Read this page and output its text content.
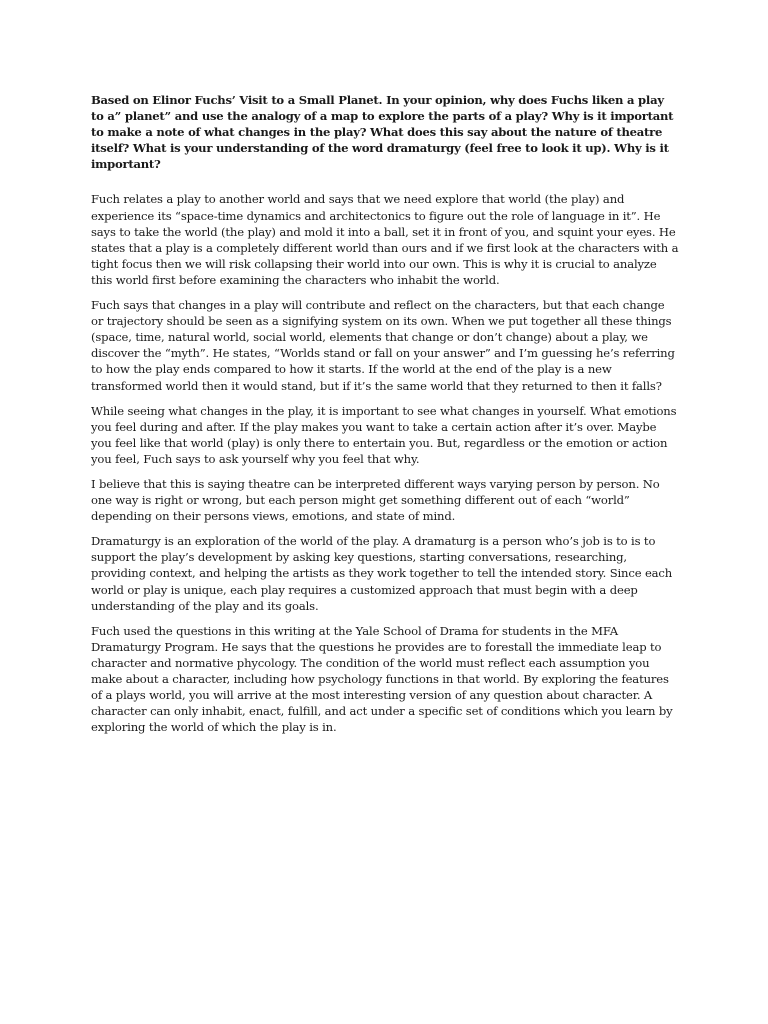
Based on Elinor Fuchs’ Visit to a Small Planet. In your opinion, why does Fuchs liken a play to a” planet” and use the analogy of a map to explore the parts of a play? Why is it important to make a note of what changes in the play? What does this say about the nature of theatre itself? What is your understanding of the word dramaturgy (feel free to look it up). Why is it important?

Fuch relates a play to another world and says that we need explore that world (the play) and experience its “space-time dynamics and architectonics to figure out the role of language in it”. He says to take the world (the play) and mold it into a ball, set it in front of you, and squint your eyes. He states that a play is a completely different world than ours and if we first look at the characters with a tight focus then we will risk collapsing their world into our own. This is why it is crucial to analyze this world first before examining the characters who inhabit the world.

Fuch says that changes in a play will contribute and reflect on the characters, but that each change or trajectory should be seen as a signifying system on its own. When we put together all these things (space, time, natural world, social world, elements that change or don’t change) about a play, we discover the “myth”. He states, “Worlds stand or fall on your answer” and I’m guessing he’s referring to how the play ends compared to how it starts. If the world at the end of the play is a new transformed world then it would stand, but if it’s the same world that they returned to then it falls?

While seeing what changes in the play, it is important to see what changes in yourself. What emotions you feel during and after. If the play makes you want to take a certain action after it’s over. Maybe you feel like that world (play) is only there to entertain you. But, regardless or the emotion or action you feel, Fuch says to ask yourself why you feel that why.

I believe that this is saying theatre can be interpreted different ways varying person by person. No one way is right or wrong, but each person might get something different out of each “world” depending on their persons views, emotions, and state of mind.

Dramaturgy is an exploration of the world of the play. A dramaturg is a person who’s job is to is to support the play’s development by asking key questions, starting conversations, researching, providing context, and helping the artists as they work together to tell the intended story. Since each world or play is unique, each play requires a customized approach that must begin with a deep understanding of the play and its goals.

Fuch used the questions in this writing at the Yale School of Drama for students in the MFA Dramaturgy Program. He says that the questions he provides are to forestall the immediate leap to character and normative phycology. The condition of the world must reflect each assumption you make about a character, including how psychology functions in that world. By exploring the features of a plays world, you will arrive at the most interesting version of any question about character. A character can only inhabit, enact, fulfill, and act under a specific set of conditions which you learn by exploring the world of which the play is in.
